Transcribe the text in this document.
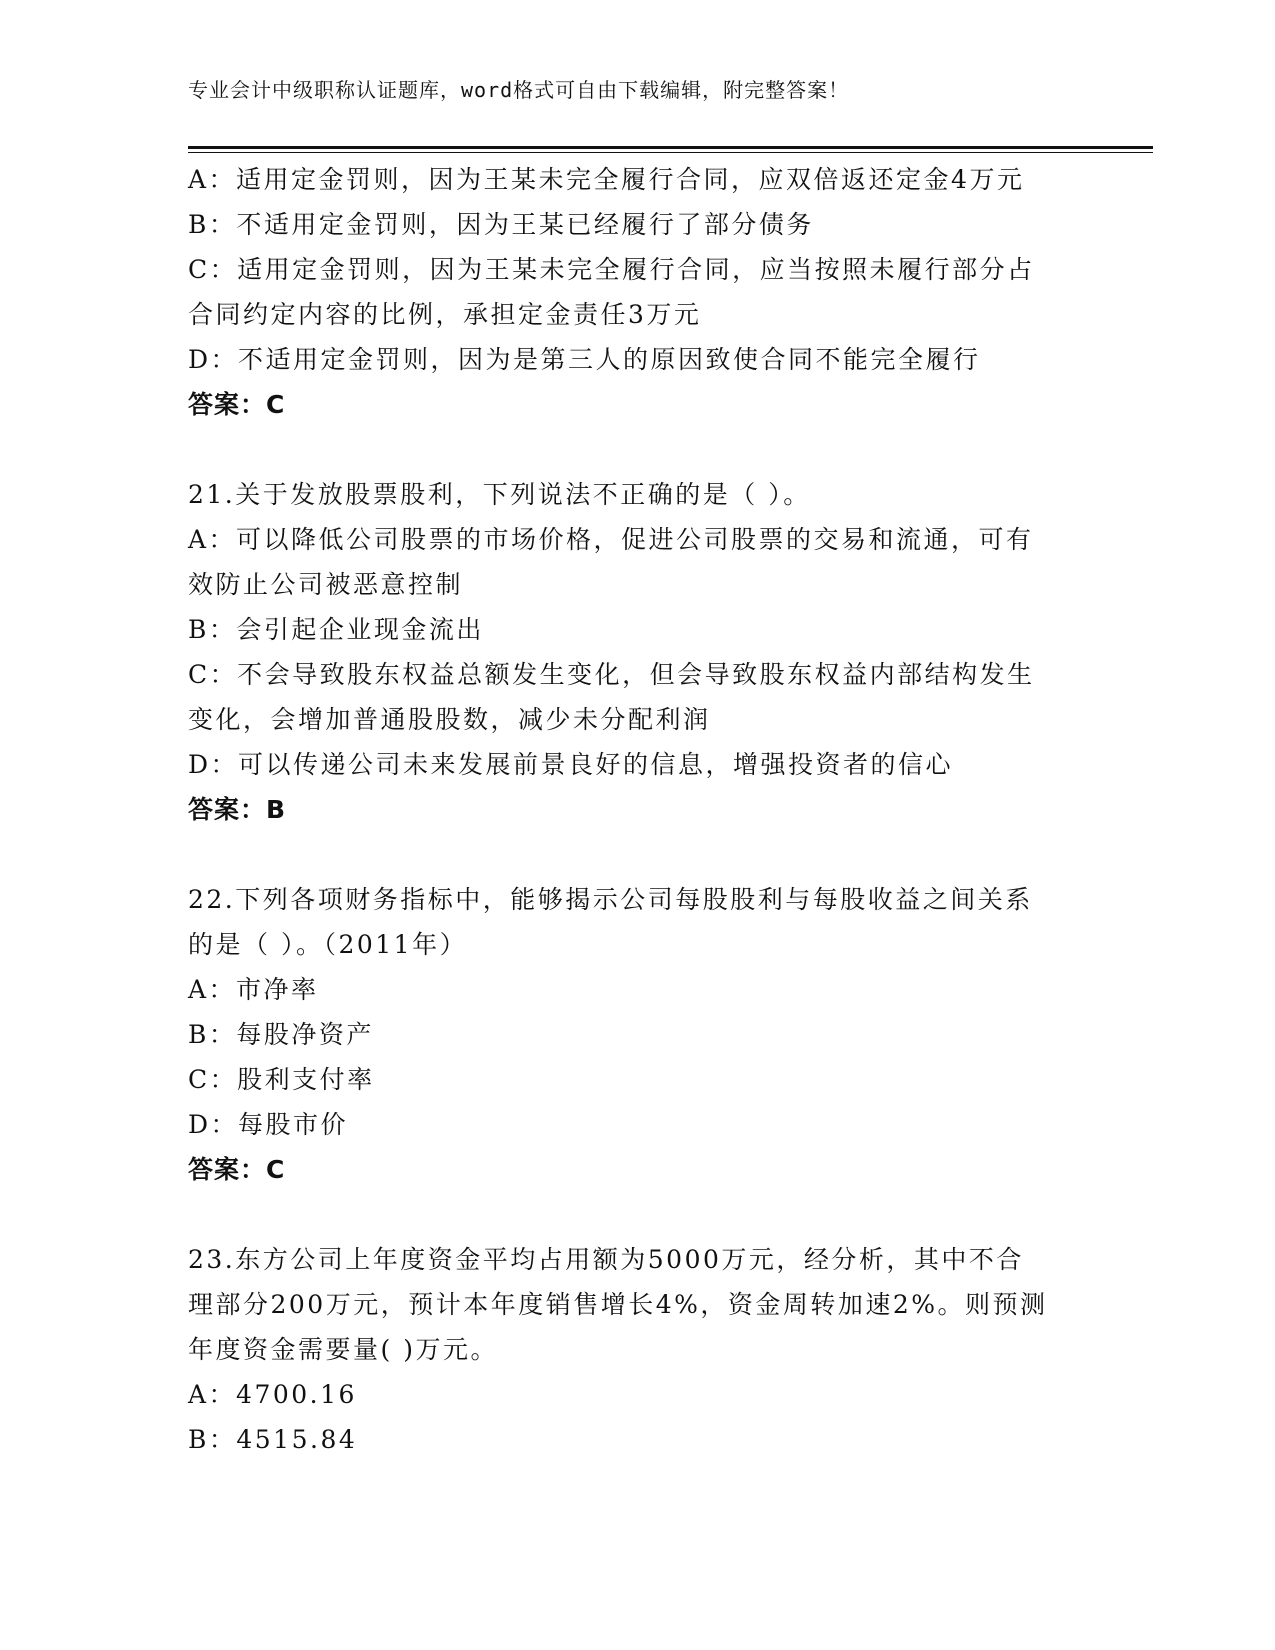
专业会计中级职称认证题库，word格式可自由下载编辑，附完整答案！
A：适用定金罚则，因为王某未完全履行合同，应双倍返还定金4万元
B：不适用定金罚则，因为王某已经履行了部分债务
C：适用定金罚则，因为王某未完全履行合同，应当按照未履行部分占
合同约定内容的比例，承担定金责任3万元
D：不适用定金罚则，因为是第三人的原因致使合同不能完全履行
答案：C
21.关于发放股票股利，下列说法不正确的是（ ）。
A：可以降低公司股票的市场价格，促进公司股票的交易和流通，可有
效防止公司被恶意控制
B：会引起企业现金流出
C：不会导致股东权益总额发生变化，但会导致股东权益内部结构发生
变化，会增加普通股股数，减少未分配利润
D：可以传递公司未来发展前景良好的信息，增强投资者的信心
答案：B
22.下列各项财务指标中，能够揭示公司每股股利与每股收益之间关系
的是（ ）。（2011年）
A：市净率
B：每股净资产
C：股利支付率
D：每股市价
答案：C
23.东方公司上年度资金平均占用额为5000万元，经分析，其中不合
理部分200万元，预计本年度销售增长4%，资金周转加速2%。则预测
年度资金需要量( )万元。
A：4700.16
B：4515.84
